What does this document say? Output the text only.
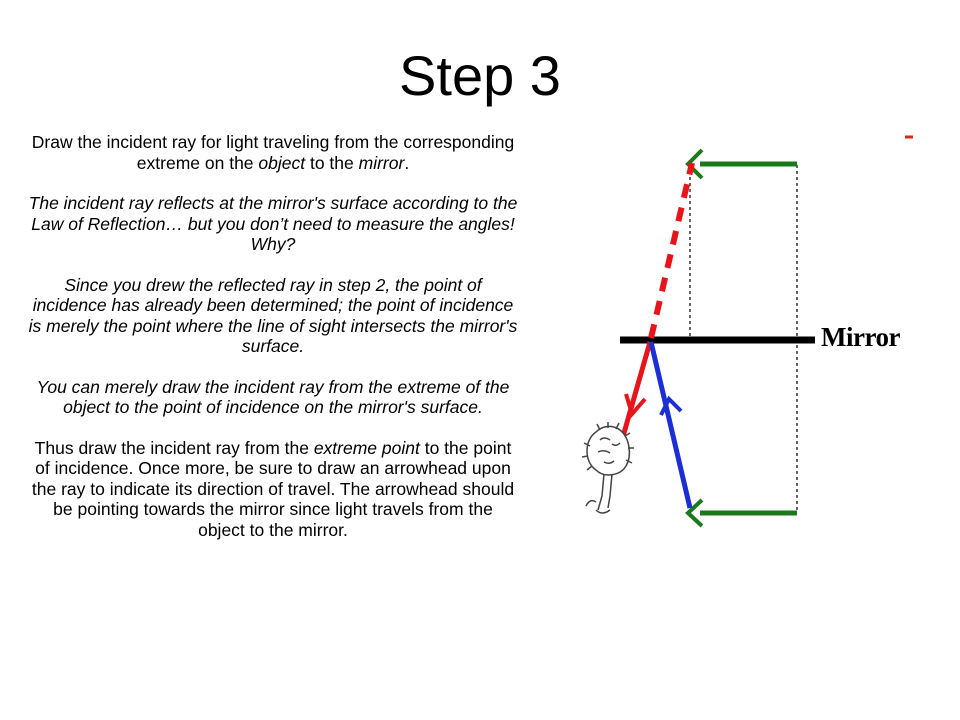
Step 3

Draw the incident ray for light traveling from the corresponding extreme on the object to the mirror.

The incident ray reflects at the mirror's surface according to the Law of Reflection… but you don’t need to measure the angles! Why?

Since you drew the reflected ray in step 2, the point of incidence has already been determined; the point of incidence is merely the point where the line of sight intersects the mirror's surface.

You can merely draw the incident ray from the extreme of the object to the point of incidence on the mirror's surface.

Thus draw the incident ray from the extreme point to the point of incidence. Once more, be sure to draw an arrowhead upon the ray to indicate its direction of travel. The arrowhead should be pointing towards the mirror since light travels from the object to the mirror.

Mirror
